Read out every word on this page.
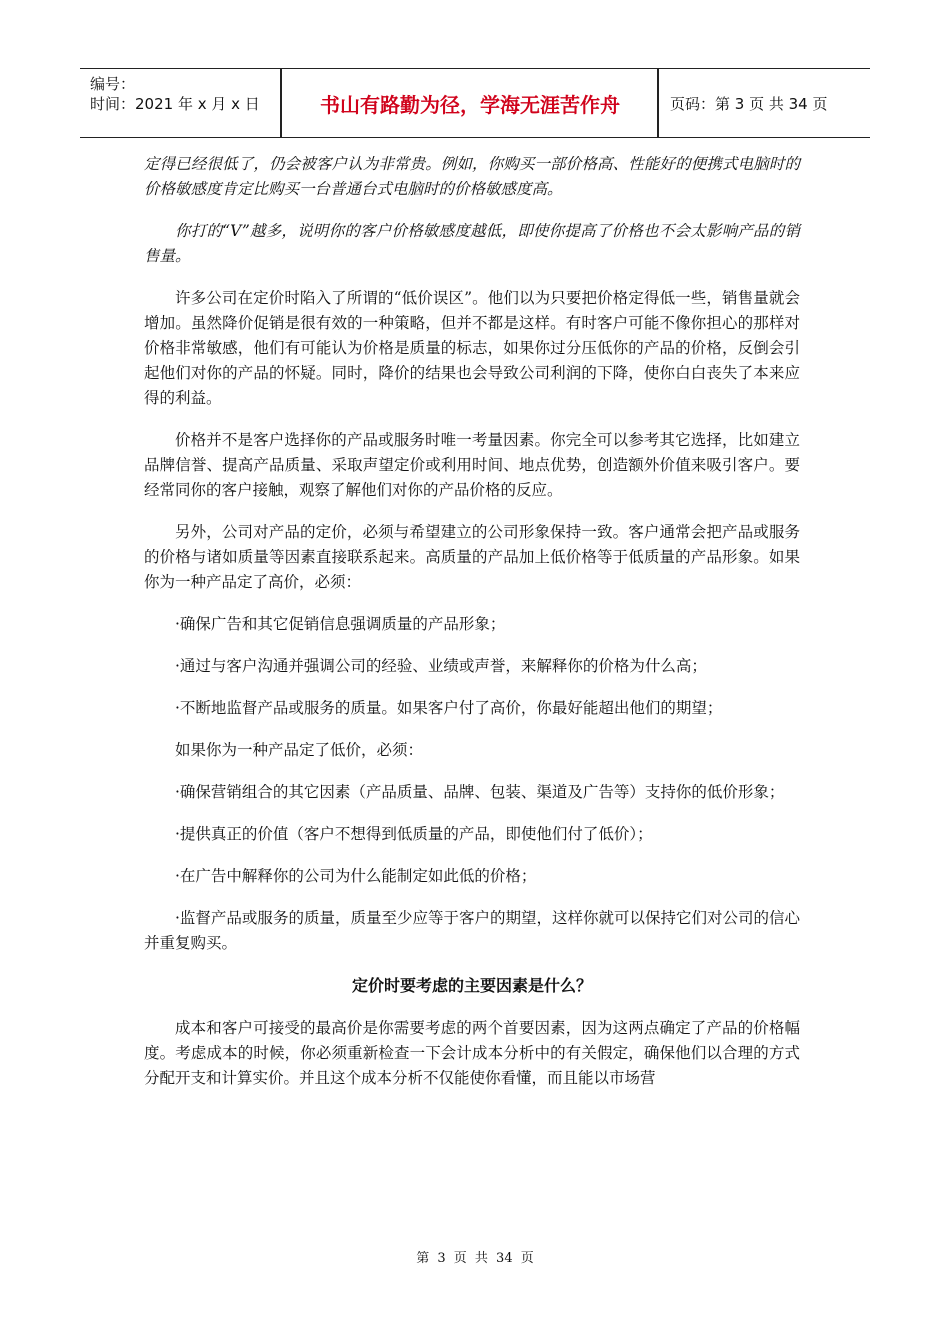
编号：
时间：2021 年 x 月 x 日	书山有路勤为径，学海无涯苦作舟	页码：第 3 页 共 34 页

定得已经很低了，仍会被客户认为非常贵。例如，你购买一部价格高、性能好的便携式电脑时的价格敏感度肯定比购买一台普通台式电脑时的价格敏感度高。

你打的“V”越多，说明你的客户价格敏感度越低，即使你提高了价格也不会太影响产品的销售量。

许多公司在定价时陷入了所谓的“低价误区”。他们以为只要把价格定得低一些，销售量就会增加。虽然降价促销是很有效的一种策略，但并不都是这样。有时客户可能不像你担心的那样对价格非常敏感，他们有可能认为价格是质量的标志，如果你过分压低你的产品的价格，反倒会引起他们对你的产品的怀疑。同时，降价的结果也会导致公司利润的下降，使你白白丧失了本来应得的利益。

价格并不是客户选择你的产品或服务时唯一考量因素。你完全可以参考其它选择，比如建立品牌信誉、提高产品质量、采取声望定价或利用时间、地点优势，创造额外价值来吸引客户。要经常同你的客户接触，观察了解他们对你的产品价格的反应。

另外，公司对产品的定价，必须与希望建立的公司形象保持一致。客户通常会把产品或服务的价格与诸如质量等因素直接联系起来。高质量的产品加上低价格等于低质量的产品形象。如果你为一种产品定了高价，必须：

·确保广告和其它促销信息强调质量的产品形象；

·通过与客户沟通并强调公司的经验、业绩或声誉，来解释你的价格为什么高；

·不断地监督产品或服务的质量。如果客户付了高价，你最好能超出他们的期望；

如果你为一种产品定了低价，必须：

·确保营销组合的其它因素（产品质量、品牌、包装、渠道及广告等）支持你的低价形象；

·提供真正的价值（客户不想得到低质量的产品，即使他们付了低价）；

·在广告中解释你的公司为什么能制定如此低的价格；

·监督产品或服务的质量，质量至少应等于客户的期望，这样你就可以保持它们对公司的信心并重复购买。

定价时要考虑的主要因素是什么？

成本和客户可接受的最高价是你需要考虑的两个首要因素，因为这两点确定了产品的价格幅度。考虑成本的时候，你必须重新检查一下会计成本分析中的有关假定，确保他们以合理的方式分配开支和计算实价。并且这个成本分析不仅能使你看懂，而且能以市场营

第 3 页 共 34 页
